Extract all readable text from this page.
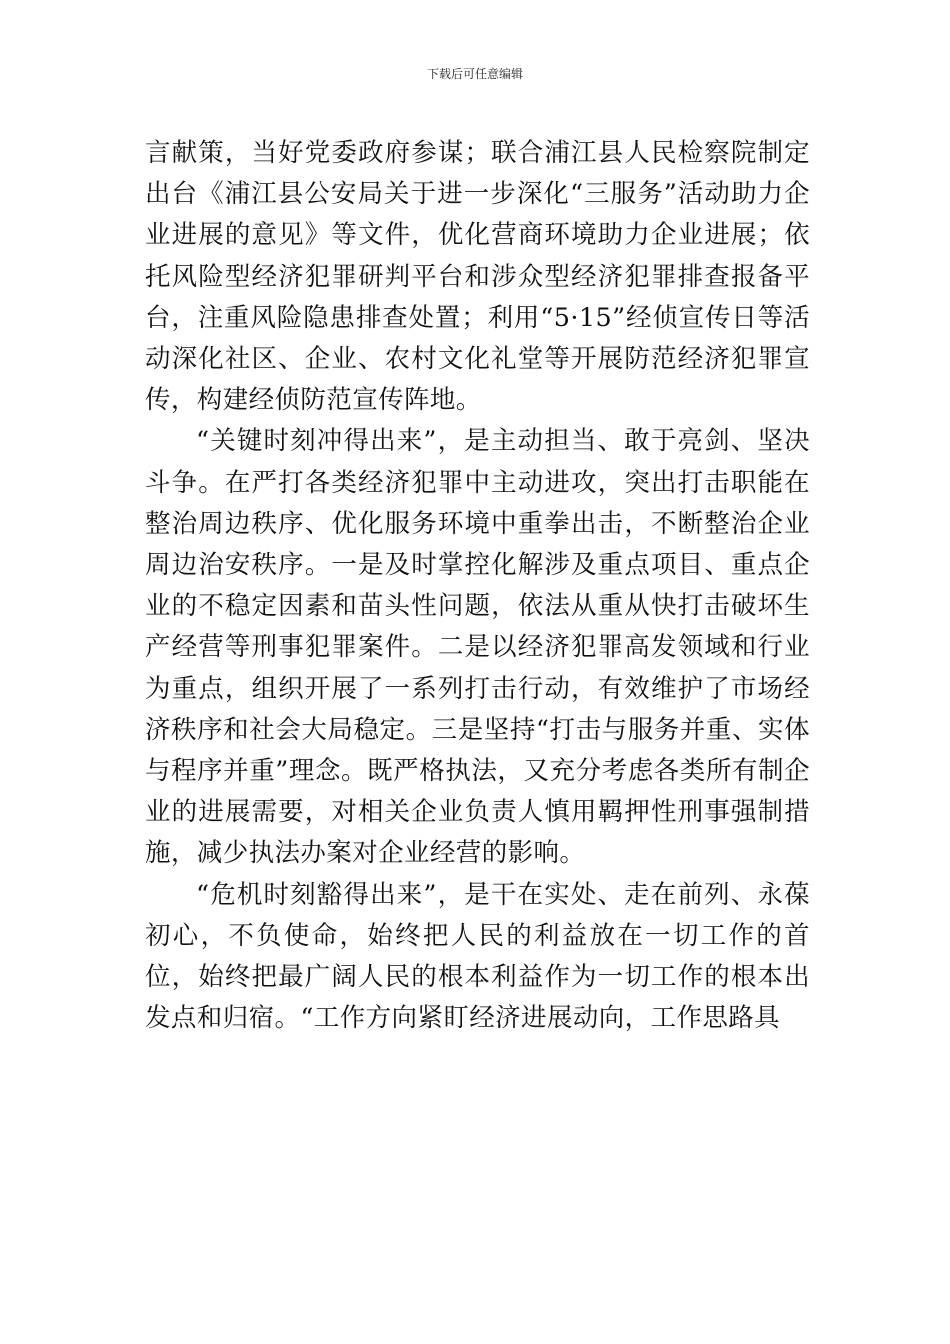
下载后可任意编辑

言献策，当好党委政府参谋；联合浦江县人民检察院制定出台《浦江县公安局关于进一步深化“三服务”活动助力企业进展的意见》等文件，优化营商环境助力企业进展；依托风险型经济犯罪研判平台和涉众型经济犯罪排查报备平台，注重风险隐患排查处置；利用“5·15”经侦宣传日等活动深化社区、企业、农村文化礼堂等开展防范经济犯罪宣传，构建经侦防范宣传阵地。

“关键时刻冲得出来”，是主动担当、敢于亮剑、坚决斗争。在严打各类经济犯罪中主动进攻，突出打击职能在整治周边秩序、优化服务环境中重拳出击，不断整治企业周边治安秩序。一是及时掌控化解涉及重点项目、重点企业的不稳定因素和苗头性问题，依法从重从快打击破坏生产经营等刑事犯罪案件。二是以经济犯罪高发领域和行业为重点，组织开展了一系列打击行动，有效维护了市场经济秩序和社会大局稳定。三是坚持“打击与服务并重、实体与程序并重”理念。既严格执法，又充分考虑各类所有制企业的进展需要，对相关企业负责人慎用羁押性刑事强制措施，减少执法办案对企业经营的影响。

“危机时刻豁得出来”，是干在实处、走在前列、永葆初心，不负使命，始终把人民的利益放在一切工作的首位，始终把最广阔人民的根本利益作为一切工作的根本出发点和归宿。“工作方向紧盯经济进展动向，工作思路具
